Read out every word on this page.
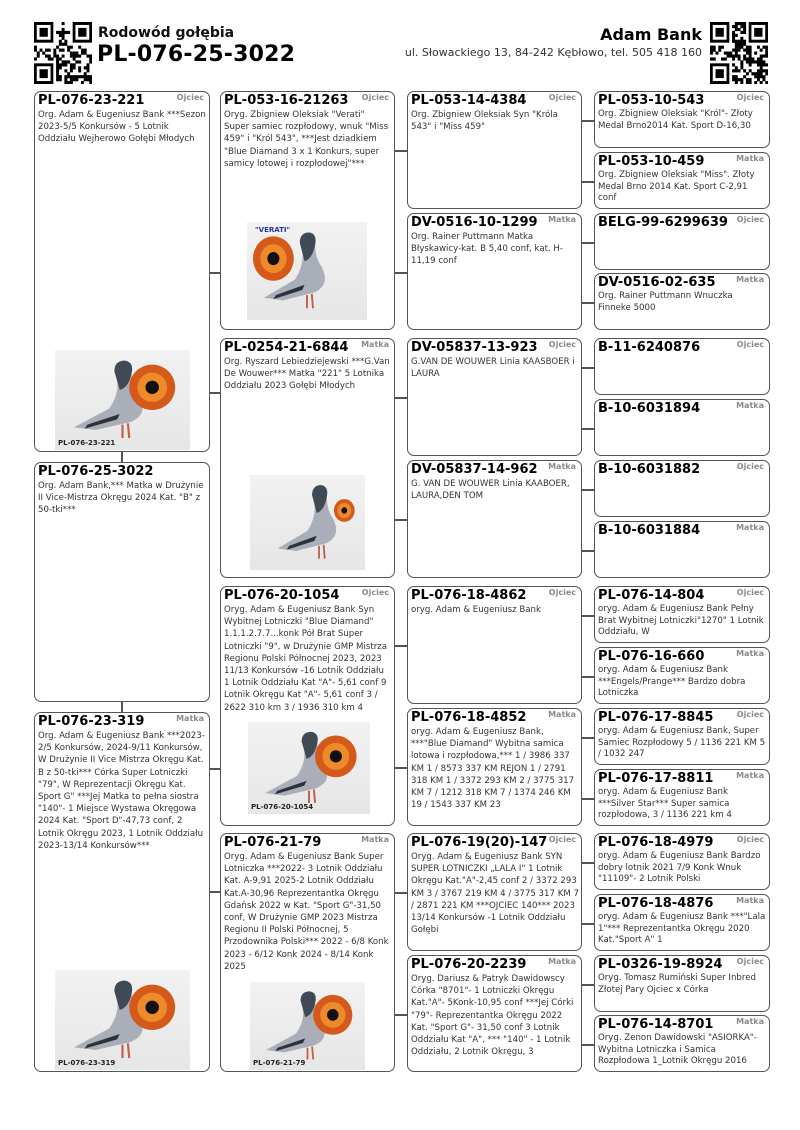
Rodowód gołębia
PL-076-25-3022
Adam Bank
ul. Słowackiego 13, 84-242 Kębłowo, tel. 505 418 160
PL-076-23-221	Ojciec
Org. Adam & Eugeniusz Bank ***Sezon 2023-5/5 Konkursów - 5 Lotnik Oddziału Wejherowo Gołębi Młodych
PL-076-23-221
PL-076-25-3022
Org. Adam Bank,*** Matka w Drużynie II Vice-Mistrza Okręgu 2024 Kat. "B" z 50-tki***
PL-076-23-319	Matka
Org. Adam & Eugeniusz Bank ***2023-2/5 Konkursów, 2024-9/11 Konkursów, W Drużynie II Vice Mistrza Okręgu Kat. B z 50-tki*** Córka Super Lotniczki "79", W Reprezentacji Okręgu Kat. Sport G" ***Jej Matka to pełna siostra "140"- 1 Miejsce Wystawa Okręgowa 2024 Kat. "Sport D"-47,73 conf, 2 Lotnik Okręgu 2023, 1 Lotnik Oddziału 2023-13/14 Konkursów***
PL-076-23-319
PL-053-16-21263 Ojciec
Oryg. Zbigniew Oleksiak "Verati" Super samiec rozpłodowy, wnuk "Miss 459" i "Król 543", ***Jest dziadkiem "Blue Diamand 3 x 1 Konkurs, super samicy lotowej i rozpłodowej"***
"VERATI"
PL-0254-21-6844 Matka
Org. Ryszard Lebiedziejewski ***G.Van De Wouwer*** Matka "221" 5 Lotnika Oddziału 2023 Gołębi Młodych
PL-076-20-1054	Ojciec
Oryg. Adam & Eugeniusz Bank Syn Wybitnej Lotniczki "Blue Diamand" 1.1.1.2.7.7...konk Pół Brat Super Lotniczki "9", w Drużynie GMP Mistrza Regionu Polski Północnej 2023, 2023 11/13 Konkursów -16 Lotnik Oddziału 1 Lotnik Oddziału Kat "A"- 5,61 conf 9 Lotnik Okręgu Kat "A"- 5,61 conf 3 / 2622 310 km 3 / 1936 310 km 4
PL-076-20-1054
PL-076-21-79	Matka
Oryg. Adam & Eugeniusz Bank Super Lotniczka ***2022- 3 Lotnik Oddziału Kat. A-9,91 2025-2 Lotnik Oddziału Kat.A-30,96 Reprezentantka Okręgu Gdańsk 2022 w Kat. "Sport G"-31,50 conf, W Drużynie GMP 2023 Mistrza Regionu II Polski Północnej, 5 Przodownika Polski*** 2022 - 6/8 Konk 2023 - 6/12 Konk 2024 - 8/14 Konk 2025
PL-076-21-79
PL-053-14-4384	Ojciec
Org. Zbigniew Oleksiak Syn "Króla 543" i "Miss 459"
DV-0516-10-1299 Matka
Org. Rainer Puttmann Matka Błyskawicy-kat. B 5,40 conf, kat. H-11,19 conf
DV-05837-13-923 Ojciec
G.VAN DE WOUWER Linia KAASBOER i LAURA
DV-05837-14-962 Matka
G. VAN DE WOUWER Linia KAABOER, LAURA,DEN TOM
PL-076-18-4862	Ojciec
oryg. Adam & Eugeniusz Bank
PL-076-18-4852	Matka
oryg. Adam & Eugeniusz Bank, ***"Blue Diamand" Wybitna samica lotowa i rozpłodowa,*** 1 / 3986 337 KM 1 / 8573 337 KM REJON 1 / 2791 318 KM 1 / 3372 293 KM 2 / 3775 317 KM 7 / 1212 318 KM 7 / 1374 246 KM 19 / 1543 337 KM 23
PL-076-19(20)-147 Ojciec
Oryg. Adam & Eugeniusz Bank SYN SUPER LOTNICZKI „LALA I" 1 Lotnik Okręgu Kat."A"-2,45 conf 2 / 3372 293 KM 3 / 3767 219 KM 4 / 3775 317 KM 7 / 2871 221 KM ***OJCIEC 140*** 2023 13/14 Konkursów -1 Lotnik Oddziału Gołębi
PL-076-20-2239	Matka
Oryg. Dariusz & Patryk Dawidowscy Córka "8701"- 1 Lotniczki Okręgu Kat."A"- 5Konk-10,95 conf ***Jej Córki "79"- Reprezentantka Okręgu 2022 Kat. "Sport G"- 31,50 conf 3 Lotnik Oddziału Kat "A", *** "140" - 1 Lotnik Oddziału, 2 Lotnik Okręgu, 3
PL-053-10-543	Ojciec
Org. Zbigniew Oleksiak "Król"- Złoty Medal Brno2014 Kat. Sport D-16,30
PL-053-10-459	Matka
Org. Zbigniew Oleksiak "Miss". Złoty Medal Brno 2014 Kat. Sport C-2,91 conf
BELG-99-6299639 Ojciec
DV-0516-02-635	Matka
Org. Rainer Puttmann Wnuczka Finneke 5000
B-11-6240876	Ojciec
B-10-6031894	Matka
B-10-6031882	Ojciec
B-10-6031884	Matka
PL-076-14-804	Ojciec
oryg. Adam & Eugeniusz Bank Pełny Brat Wybitnej Lotniczki"1270" 1 Lotnik Oddziału, W
PL-076-16-660	Matka
oryg. Adam & Eugeniusz Bank ***Engels/Prange*** Bardzo dobra Lotniczka
PL-076-17-8845	Ojciec
oryg. Adam & Eugeniusz Bank, Super Samiec Rozpłodowy 5 / 1136 221 KM 5 / 1032 247
PL-076-17-8811	Matka
oryg. Adam & Eugeniusz Bank ***Silver Star*** Super samica rozpłodowa, 3 / 1136 221 km 4
PL-076-18-4979	Ojciec
oryg. Adam & Eugeniusz Bank Bardzo dobry lotnik 2021 7/9 Konk Wnuk "11109"- 2 Lotnik Polski
PL-076-18-4876	Matka
oryg. Adam & Eugeniusz Bank ***"Lala 1"*** Reprezentantka Okręgu 2020 Kat."Sport A" 1
PL-0326-19-8924 Ojciec
Oryg. Tomasz Rumiński Super Inbred Złotej Pary Ojciec x Córka
PL-076-14-8701	Matka
Oryg. Zenon Dawidowski "ASIORKA"- Wybitna Lotniczka i Samica Rozpłodowa 1_Lotnik Okręgu 2016
